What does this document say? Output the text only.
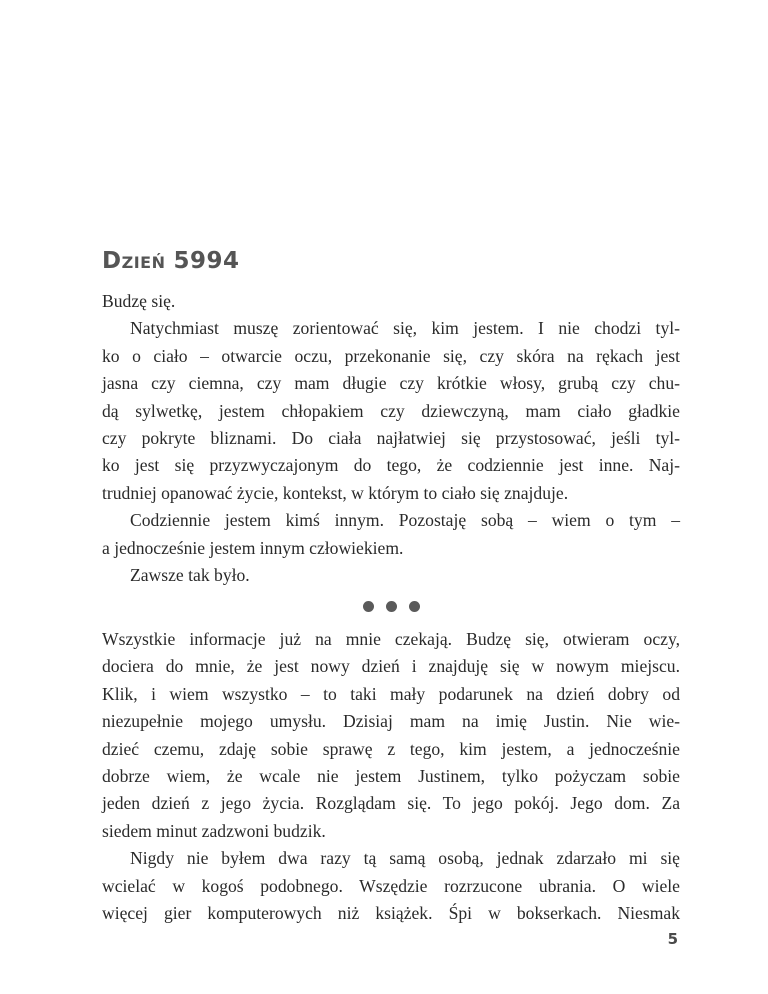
Dzień 5994
Budzę się.
Natychmiast muszę zorientować się, kim jestem. I nie chodzi tyl-
ko o ciało – otwarcie oczu, przekonanie się, czy skóra na rękach jest
jasna czy ciemna, czy mam długie czy krótkie włosy, grubą czy chu-
dą sylwetkę, jestem chłopakiem czy dziewczyną, mam ciało gładkie
czy pokryte bliznami. Do ciała najłatwiej się przystosować, jeśli tyl-
ko jest się przyzwyczajonym do tego, że codziennie jest inne. Naj-
trudniej opanować życie, kontekst, w którym to ciało się znajduje.
Codziennie jestem kimś innym. Pozostaję sobą – wiem o tym –
a jednocześnie jestem innym człowiekiem.
Zawsze tak było.
Wszystkie informacje już na mnie czekają. Budzę się, otwieram oczy,
dociera do mnie, że jest nowy dzień i znajduję się w nowym miejscu.
Klik, i wiem wszystko – to taki mały podarunek na dzień dobry od
niezupełnie mojego umysłu. Dzisiaj mam na imię Justin. Nie wie-
dzieć czemu, zdaję sobie sprawę z tego, kim jestem, a jednocześnie
dobrze wiem, że wcale nie jestem Justinem, tylko pożyczam sobie
jeden dzień z jego życia. Rozglądam się. To jego pokój. Jego dom. Za
siedem minut zadzwoni budzik.
Nigdy nie byłem dwa razy tą samą osobą, jednak zdarzało mi się
wcielać w kogoś podobnego. Wszędzie rozrzucone ubrania. O wiele
więcej gier komputerowych niż książek. Śpi w bokserkach. Niesmak
5
